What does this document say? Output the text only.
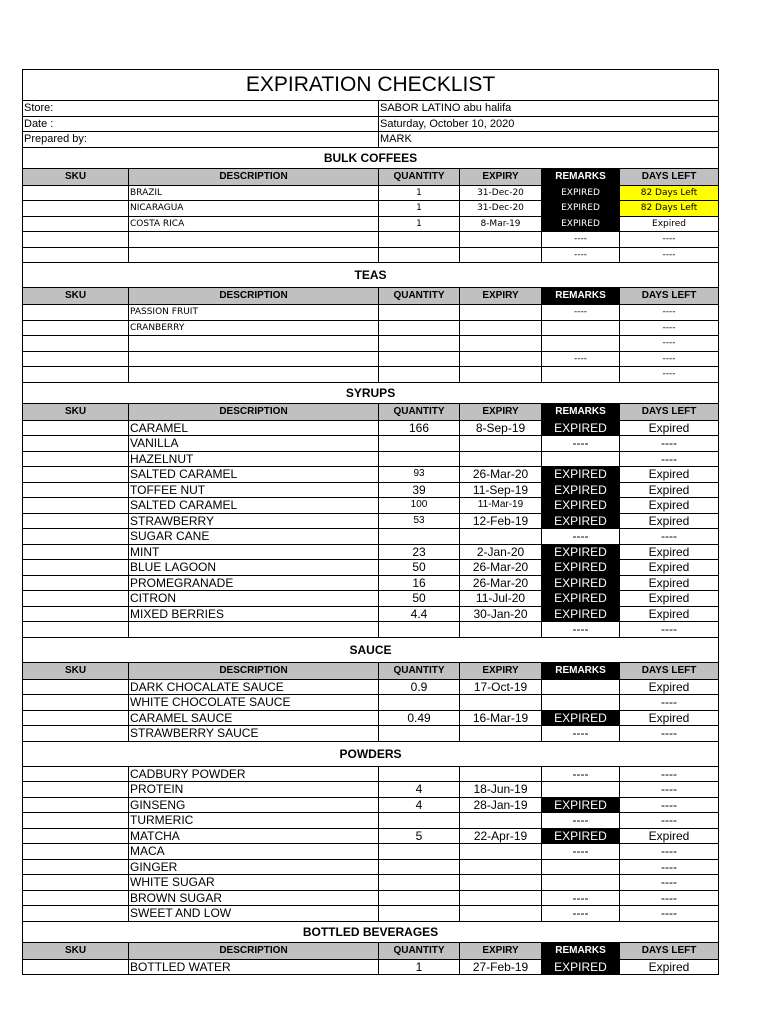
EXPIRATION CHECKLIST					
Store:		SABOR LATINO abu halifa			
Date :		Saturday, October 10, 2020			
Prepared by:		MARK			
BULK COFFEES					
SKU	DESCRIPTION	QUANTITY	EXPIRY	REMARKS	DAYS LEFT
	BRAZIL	1	31-Dec-20	EXPIRED	82 Days Left
	NICARAGUA	1	31-Dec-20	EXPIRED	82 Days Left
	COSTA RICA	1	8-Mar-19	EXPIRED	Expired
				----	----
				----	----
TEAS					
SKU	DESCRIPTION	QUANTITY	EXPIRY	REMARKS	DAYS LEFT
	PASSION FRUIT			----	----
	CRANBERRY				----
					----
				----	----
					----
SYRUPS					
SKU	DESCRIPTION	QUANTITY	EXPIRY	REMARKS	DAYS LEFT
	CARAMEL	166	8-Sep-19	EXPIRED	Expired
	VANILLA			----	----
	HAZELNUT				----
	SALTED CARAMEL	93	26-Mar-20	EXPIRED	Expired
	TOFFEE NUT	39	11-Sep-19	EXPIRED	Expired
	SALTED CARAMEL	100	11-Mar-19	EXPIRED	Expired
	STRAWBERRY	53	12-Feb-19	EXPIRED	Expired
	SUGAR CANE			----	----
	MINT	23	2-Jan-20	EXPIRED	Expired
	BLUE LAGOON	50	26-Mar-20	EXPIRED	Expired
	PROMEGRANADE	16	26-Mar-20	EXPIRED	Expired
	CITRON	50	11-Jul-20	EXPIRED	Expired
	MIXED BERRIES	4.4	30-Jan-20	EXPIRED	Expired
				----	----
SAUCE					
SKU	DESCRIPTION	QUANTITY	EXPIRY	REMARKS	DAYS LEFT
	DARK CHOCALATE SAUCE	0.9	17-Oct-19		Expired
	WHITE CHOCOLATE SAUCE				----
	CARAMEL SAUCE	0.49	16-Mar-19	EXPIRED	Expired
	STRAWBERRY SAUCE			----	----
POWDERS					
	CADBURY POWDER			----	----
	PROTEIN	4	18-Jun-19		----
	GINSENG	4	28-Jan-19	EXPIRED	----
	TURMERIC			----	----
	MATCHA	5	22-Apr-19	EXPIRED	Expired
	MACA			----	----
	GINGER				----
	WHITE SUGAR				----
	BROWN SUGAR			----	----
	SWEET AND LOW			----	----
BOTTLED BEVERAGES					
SKU	DESCRIPTION	QUANTITY	EXPIRY	REMARKS	DAYS LEFT
	BOTTLED WATER	1	27-Feb-19	EXPIRED	Expired
